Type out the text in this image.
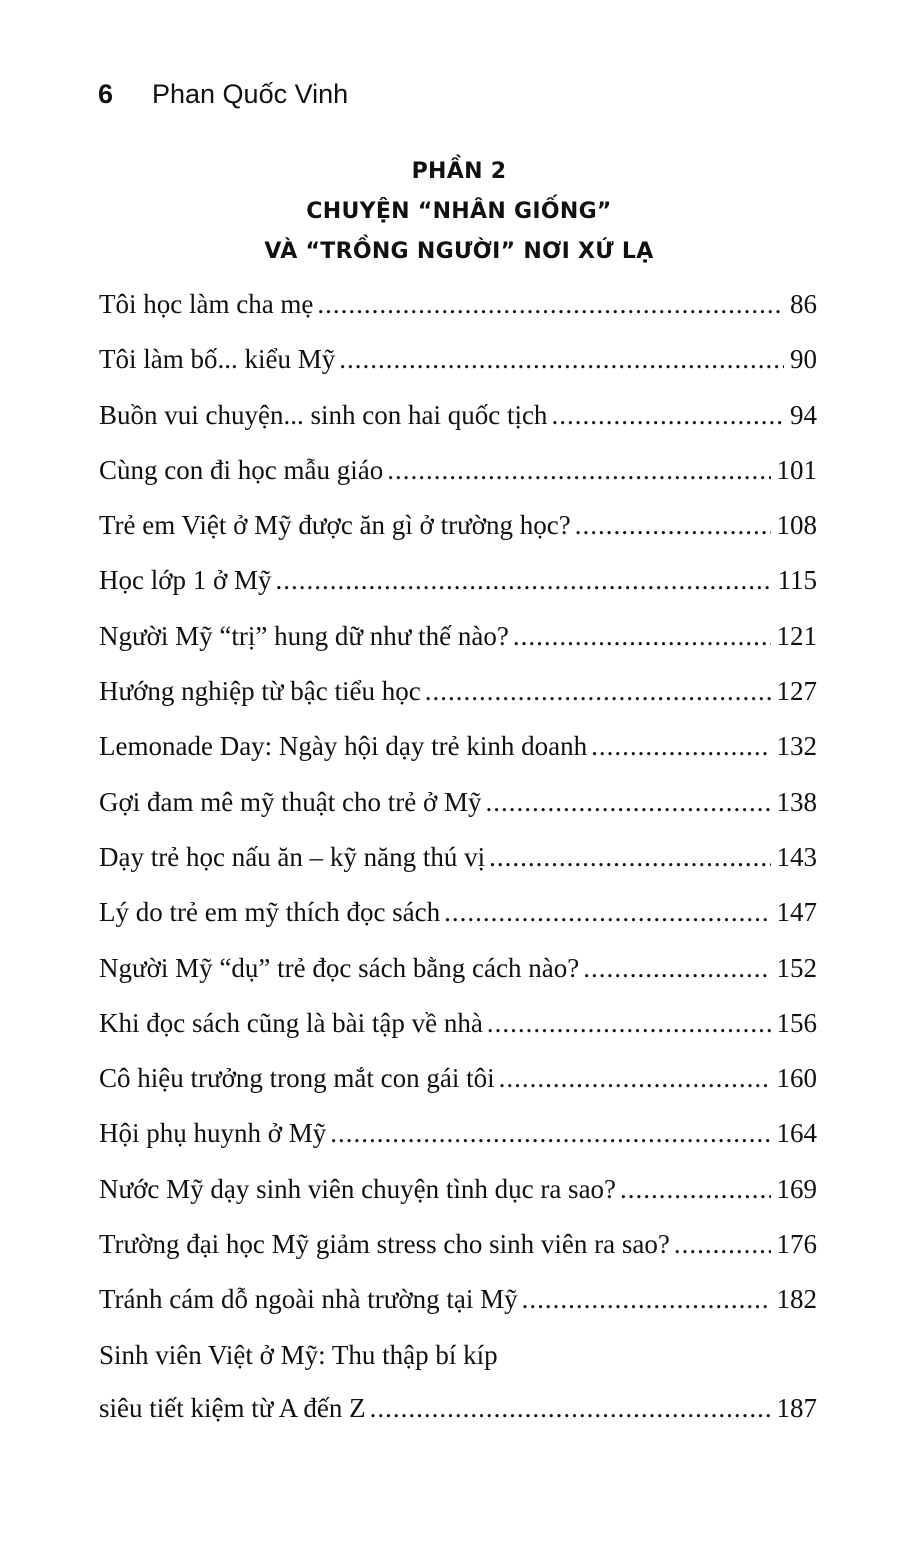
6 Phan Quốc Vinh
PHẦN 2
CHUYỆN “NHÂN GIỐNG”
VÀ “TRỒNG NGƯỜI” NƠI XỨ LẠ
Tôi học làm cha mẹ .....	86
Tôi làm bố... kiểu Mỹ .....	90
Buồn vui chuyện... sinh con hai quốc tịch .....	94
Cùng con đi học mẫu giáo .....	101
Trẻ em Việt ở Mỹ được ăn gì ở trường học? .....	108
Học lớp 1 ở Mỹ .....	115
Người Mỹ “trị” hung dữ như thế nào? .....	121
Hướng nghiệp từ bậc tiểu học .....	127
Lemonade Day: Ngày hội dạy trẻ kinh doanh .....	132
Gợi đam mê mỹ thuật cho trẻ ở Mỹ .....	138
Dạy trẻ học nấu ăn – kỹ năng thú vị .....	143
Lý do trẻ em mỹ thích đọc sách .....	147
Người Mỹ “dụ” trẻ đọc sách bằng cách nào? .....	152
Khi đọc sách cũng là bài tập về nhà .....	156
Cô hiệu trưởng trong mắt con gái tôi .....	160
Hội phụ huynh ở Mỹ .....	164
Nước Mỹ dạy sinh viên chuyện tình dục ra sao? .....	169
Trường đại học Mỹ giảm stress cho sinh viên ra sao? .....	176
Tránh cám dỗ ngoài nhà trường tại Mỹ .....	182
Sinh viên Việt ở Mỹ: Thu thập bí kíp
siêu tiết kiệm từ A đến Z .....	187
